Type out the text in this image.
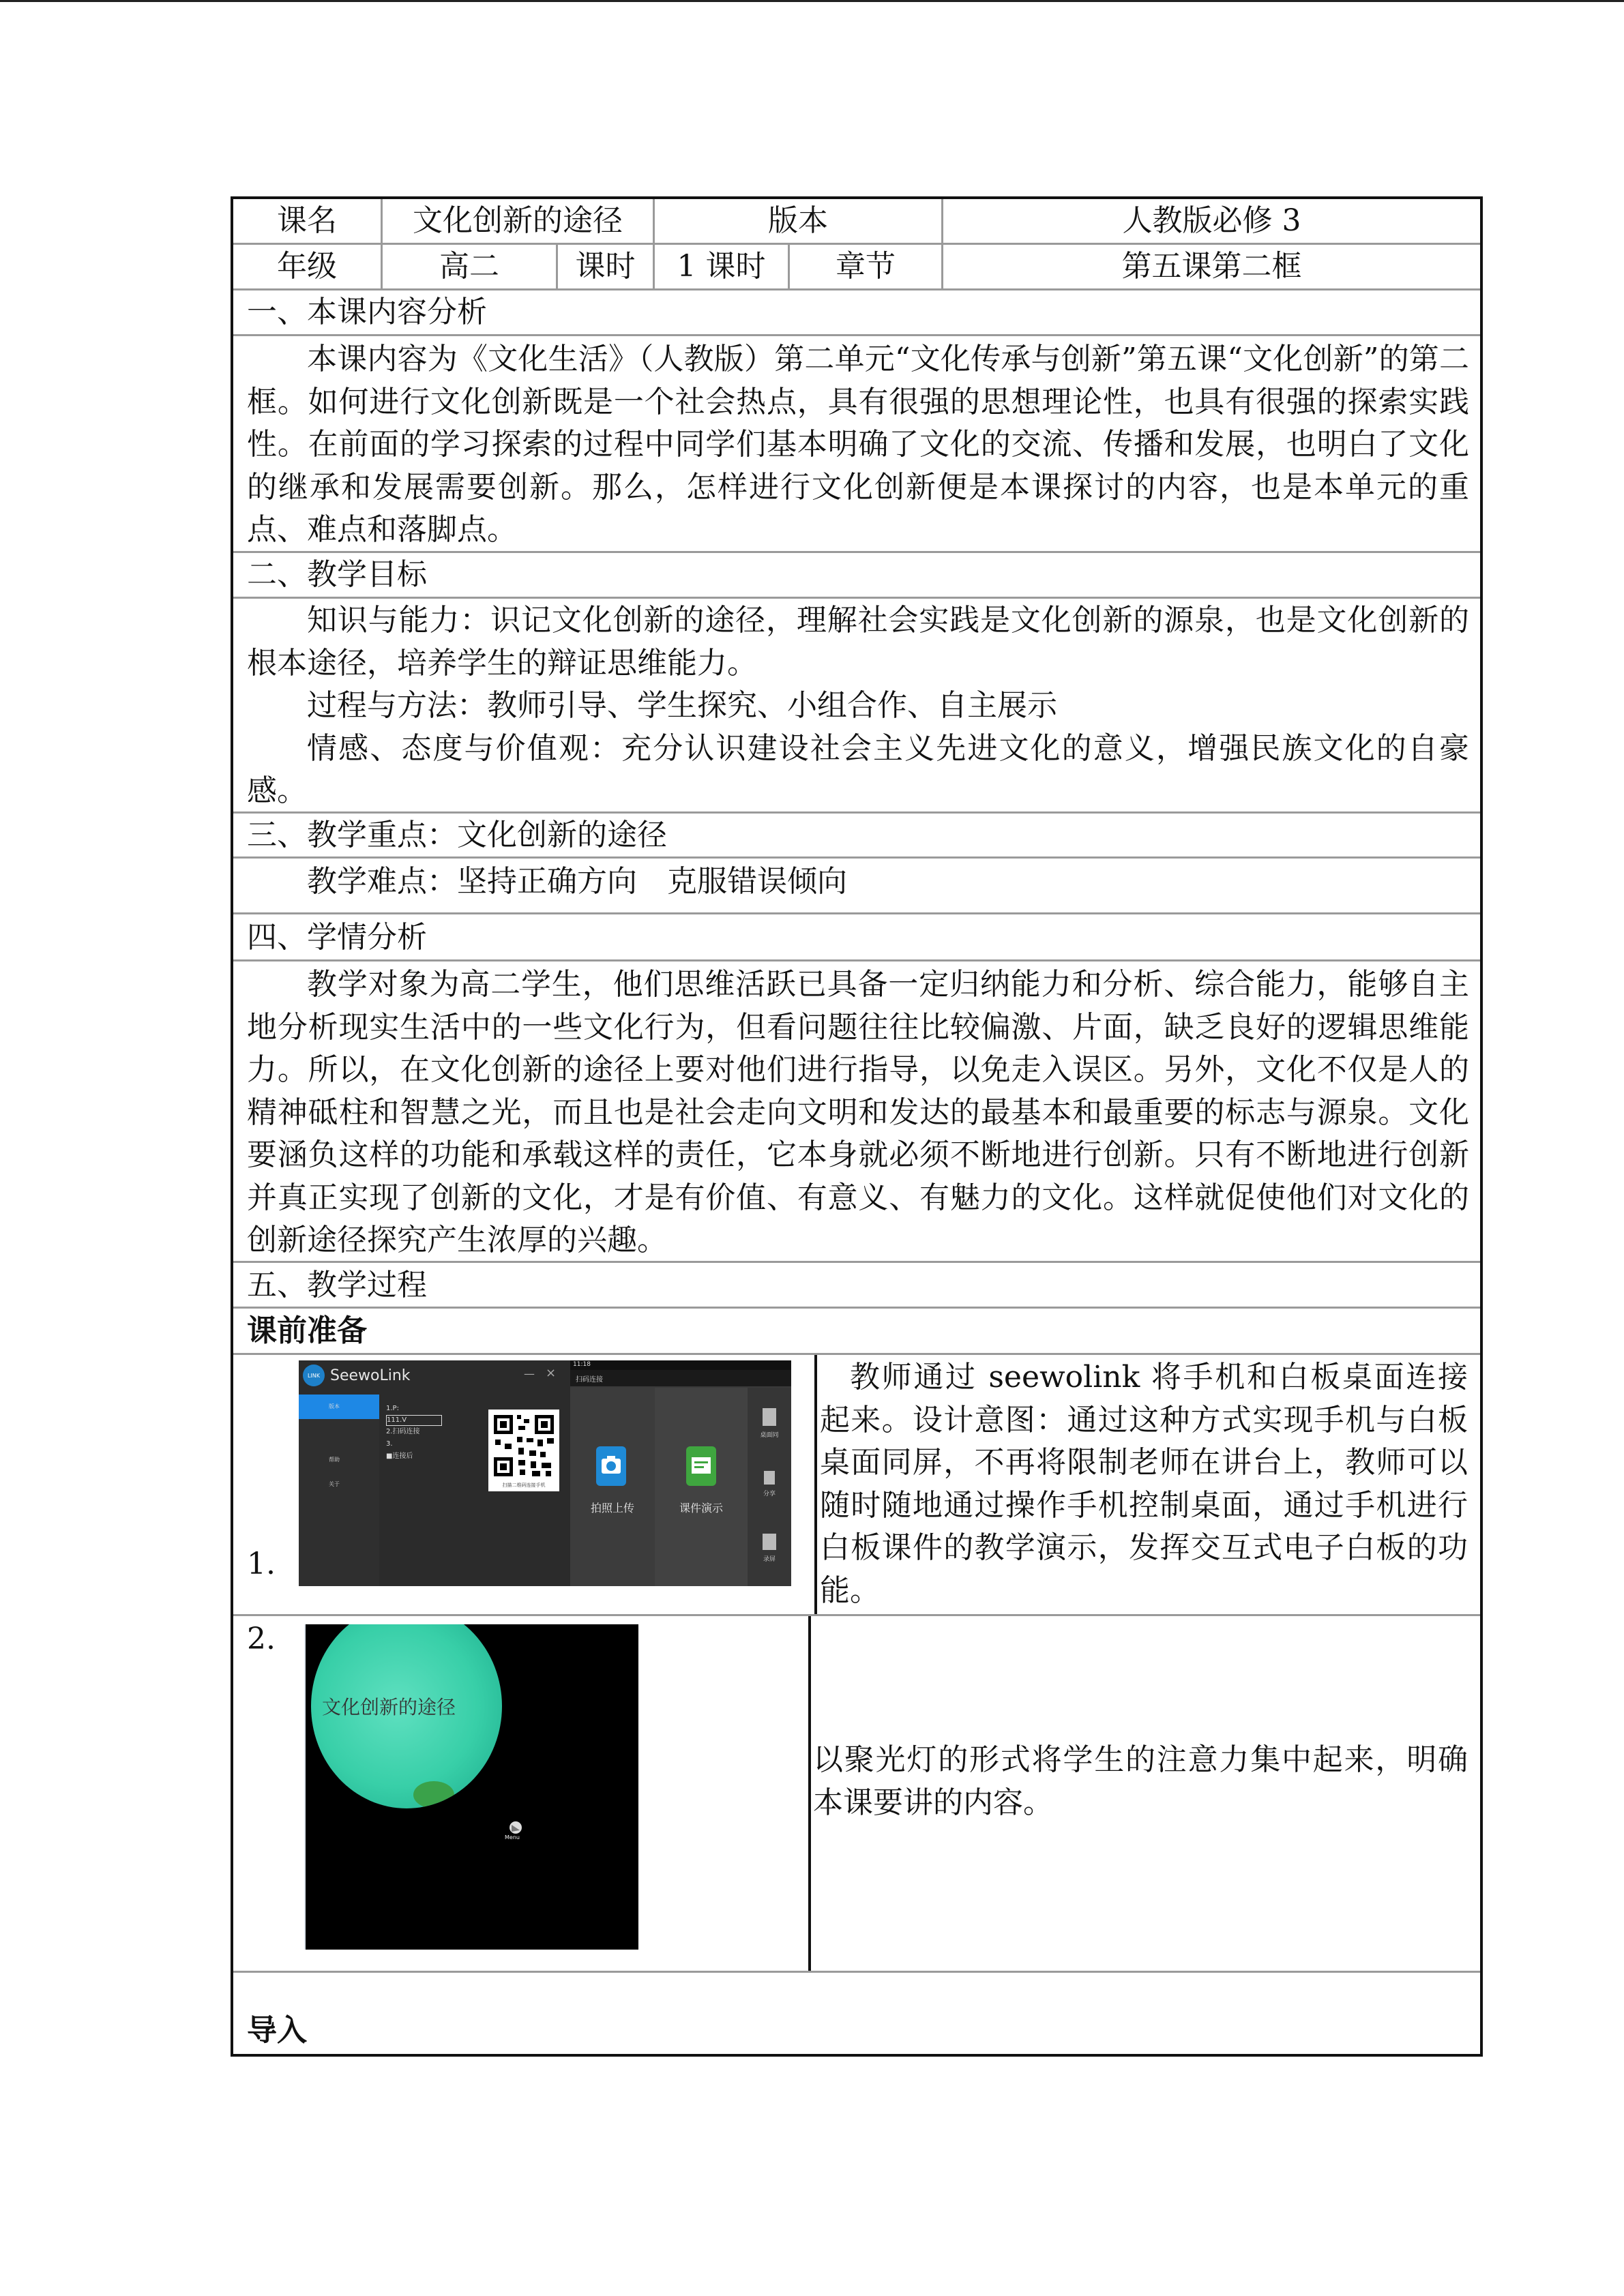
课名	文化创新的途径	版本	人教版必修 3
年级	高二	课时	1 课时	章节	第五课第二框
一、本课内容分析
本课内容为《文化生活》（人教版）第二单元“文化传承与创新”第五课“文化创新”的第二框。如何进行文化创新既是一个社会热点，具有很强的思想理论性，也具有很强的探索实践性。在前面的学习探索的过程中同学们基本明确了文化的交流、传播和发展，也明白了文化的继承和发展需要创新。那么，怎样进行文化创新便是本课探讨的内容，也是本单元的重点、难点和落脚点。
二、教学目标

知识与能力：识记文化创新的途径，理解社会实践是文化创新的源泉，也是文化创新的根本途径，培养学生的辩证思维能力。

过程与方法：教师引导、学生探究、小组合作、自主展示

情感、态度与价值观：充分认识建设社会主义先进文化的意义，增强民族文化的自豪感。

三、教学重点：文化创新的途径
教学难点：坚持正确方向　克服错误倾向
四、学情分析
教学对象为高二学生，他们思维活跃已具备一定归纳能力和分析、综合能力，能够自主地分析现实生活中的一些文化行为，但看问题往往比较偏激、片面，缺乏良好的逻辑思维能力。所以，在文化创新的途径上要对他们进行指导，以免走入误区。另外，文化不仅是人的精神砥柱和智慧之光，而且也是社会走向文明和发达的最基本和最重要的标志与源泉。文化要涵负这样的功能和承载这样的责任，它本身就必须不断地进行创新。只有不断地进行创新并真正实现了创新的文化，才是有价值、有意义、有魅力的文化。这样就促使他们对文化的创新途径探究产生浓厚的兴趣。
五、教学过程
课前准备
1.
教师通过 seewolink 将手机和白板桌面连接起来。设计意图：通过这种方式实现手机与白板桌面同屏，不再将限制老师在讲台上，教师可以随时随地通过操作手机控制桌面，通过手机进行白板课件的教学演示，发挥交互式电子白板的功能。
2.
以聚光灯的形式将学生的注意力集中起来，明确本课要讲的内容。
导入
LINK SeewoLink	— ×
版本
帮助
关于
1.P:
111.V
2.扫码连接
3.
■连接后
扫描二维码连接手机
11:18
扫码连接
拍照上传	课件演示
桌面同
分享
录屏
文化创新的途径
Menu
